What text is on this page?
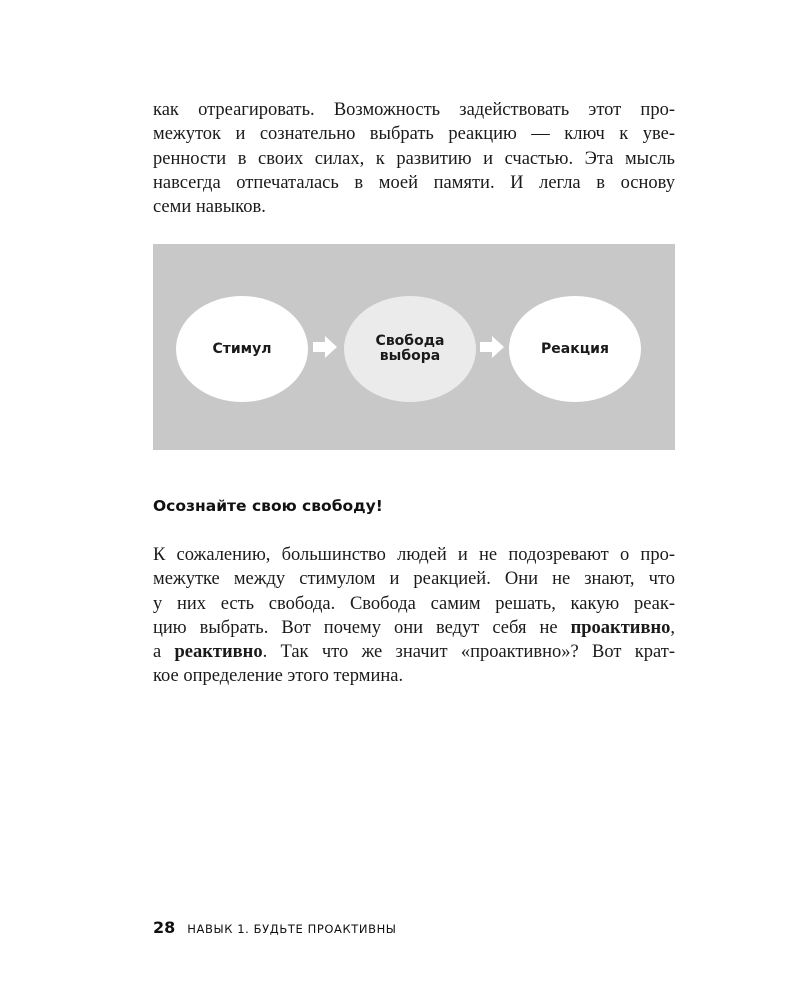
как отреагировать. Возможность задействовать этот про-
межуток и сознательно выбрать реакцию — ключ к уве-
ренности в своих силах, к развитию и счастью. Эта мысль
навсегда отпечаталась в моей памяти. И легла в основу
семи навыков.
Стимул	Свобода
выбора	Реакция
Осознайте свою свободу!
К сожалению, большинство людей и не подозревают о про-
межутке между стимулом и реакцией. Они не знают, что
у них есть свобода. Свобода самим решать, какую реак-
цию выбрать. Вот почему они ведут себя не проактивно,
а реактивно. Так что же значит «проактивно»? Вот крат-
кое определение этого термина.
28 НАВЫК 1. БУДЬТЕ ПРОАКТИВНЫ
